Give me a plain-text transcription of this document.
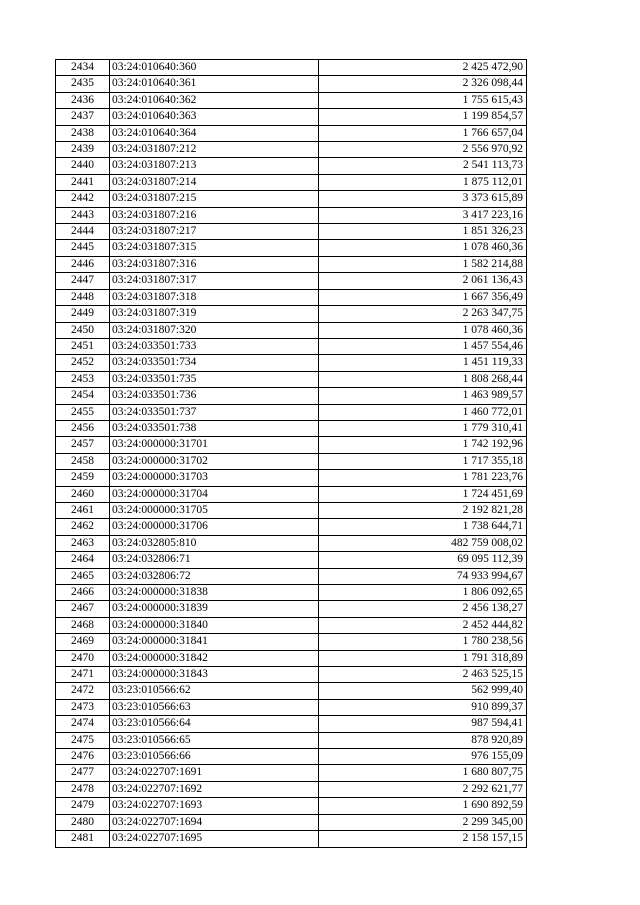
2434	03:24:010640:360	2 425 472,90
2435	03:24:010640:361	2 326 098,44
2436	03:24:010640:362	1 755 615,43
2437	03:24:010640:363	1 199 854,57
2438	03:24:010640:364	1 766 657,04
2439	03:24:031807:212	2 556 970,92
2440	03:24:031807:213	2 541 113,73
2441	03:24:031807:214	1 875 112,01
2442	03:24:031807:215	3 373 615,89
2443	03:24:031807:216	3 417 223,16
2444	03:24:031807:217	1 851 326,23
2445	03:24:031807:315	1 078 460,36
2446	03:24:031807:316	1 582 214,88
2447	03:24:031807:317	2 061 136,43
2448	03:24:031807:318	1 667 356,49
2449	03:24:031807:319	2 263 347,75
2450	03:24:031807:320	1 078 460,36
2451	03:24:033501:733	1 457 554,46
2452	03:24:033501:734	1 451 119,33
2453	03:24:033501:735	1 808 268,44
2454	03:24:033501:736	1 463 989,57
2455	03:24:033501:737	1 460 772,01
2456	03:24:033501:738	1 779 310,41
2457	03:24:000000:31701	1 742 192,96
2458	03:24:000000:31702	1 717 355,18
2459	03:24:000000:31703	1 781 223,76
2460	03:24:000000:31704	1 724 451,69
2461	03:24:000000:31705	2 192 821,28
2462	03:24:000000:31706	1 738 644,71
2463	03:24:032805:810	482 759 008,02
2464	03:24:032806:71	69 095 112,39
2465	03:24:032806:72	74 933 994,67
2466	03:24:000000:31838	1 806 092,65
2467	03:24:000000:31839	2 456 138,27
2468	03:24:000000:31840	2 452 444,82
2469	03:24:000000:31841	1 780 238,56
2470	03:24:000000:31842	1 791 318,89
2471	03:24:000000:31843	2 463 525,15
2472	03:23:010566:62	562 999,40
2473	03:23:010566:63	910 899,37
2474	03:23:010566:64	987 594,41
2475	03:23:010566:65	878 920,89
2476	03:23:010566:66	976 155,09
2477	03:24:022707:1691	1 680 807,75
2478	03:24:022707:1692	2 292 621,77
2479	03:24:022707:1693	1 690 892,59
2480	03:24:022707:1694	2 299 345,00
2481	03:24:022707:1695	2 158 157,15
